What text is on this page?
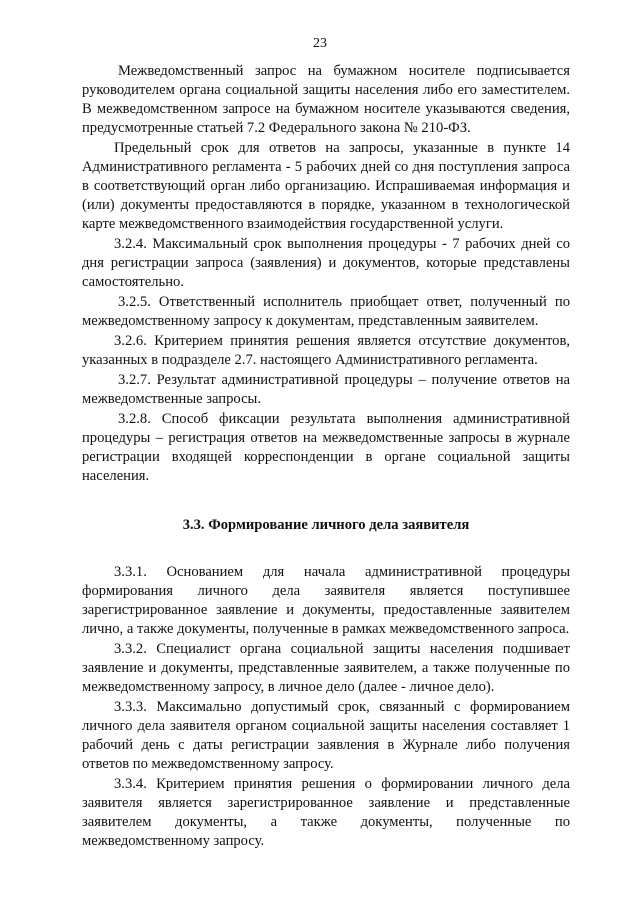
23

Межведомственный запрос на бумажном носителе подписывается руководителем органа социальной защиты населения либо его заместителем. В межведомственном запросе на бумажном носителе указываются сведения, предусмотренные статьей 7.2 Федерального закона № 210-ФЗ.

Предельный срок для ответов на запросы, указанные в пункте 14 Административного регламента - 5 рабочих дней со дня поступления запроса в соответствующий орган либо организацию. Испрашиваемая информация и (или) документы предоставляются в порядке, указанном в технологической карте межведомственного взаимодействия государственной услуги.

3.2.4. Максимальный срок выполнения процедуры - 7 рабочих дней со дня регистрации запроса (заявления) и документов, которые представлены самостоятельно.

3.2.5. Ответственный исполнитель приобщает ответ, полученный по межведомственному запросу к документам, представленным заявителем.

3.2.6. Критерием принятия решения является отсутствие документов, указанных в подразделе 2.7. настоящего Административного регламента.

3.2.7. Результат административной процедуры – получение ответов на межведомственные запросы.

3.2.8. Способ фиксации результата выполнения административной процедуры – регистрация ответов на межведомственные запросы в журнале регистрации входящей корреспонденции в органе социальной защиты населения.

3.3. Формирование личного дела заявителя

3.3.1. Основанием для начала административной процедуры формирования личного дела заявителя является поступившее зарегистрированное заявление и документы, предоставленные заявителем лично, а также документы, полученные в рамках межведомственного запроса.

3.3.2. Специалист органа социальной защиты населения подшивает заявление и документы, представленные заявителем, а также полученные по межведомственному запросу, в личное дело (далее - личное дело).

3.3.3. Максимально допустимый срок, связанный с формированием личного дела заявителя органом социальной защиты населения составляет 1 рабочий день с даты регистрации заявления в Журнале либо получения ответов по межведомственному запросу.

3.3.4. Критерием принятия решения о формировании личного дела заявителя является зарегистрированное заявление и представленные заявителем документы, а также документы, полученные по межведомственному запросу.
